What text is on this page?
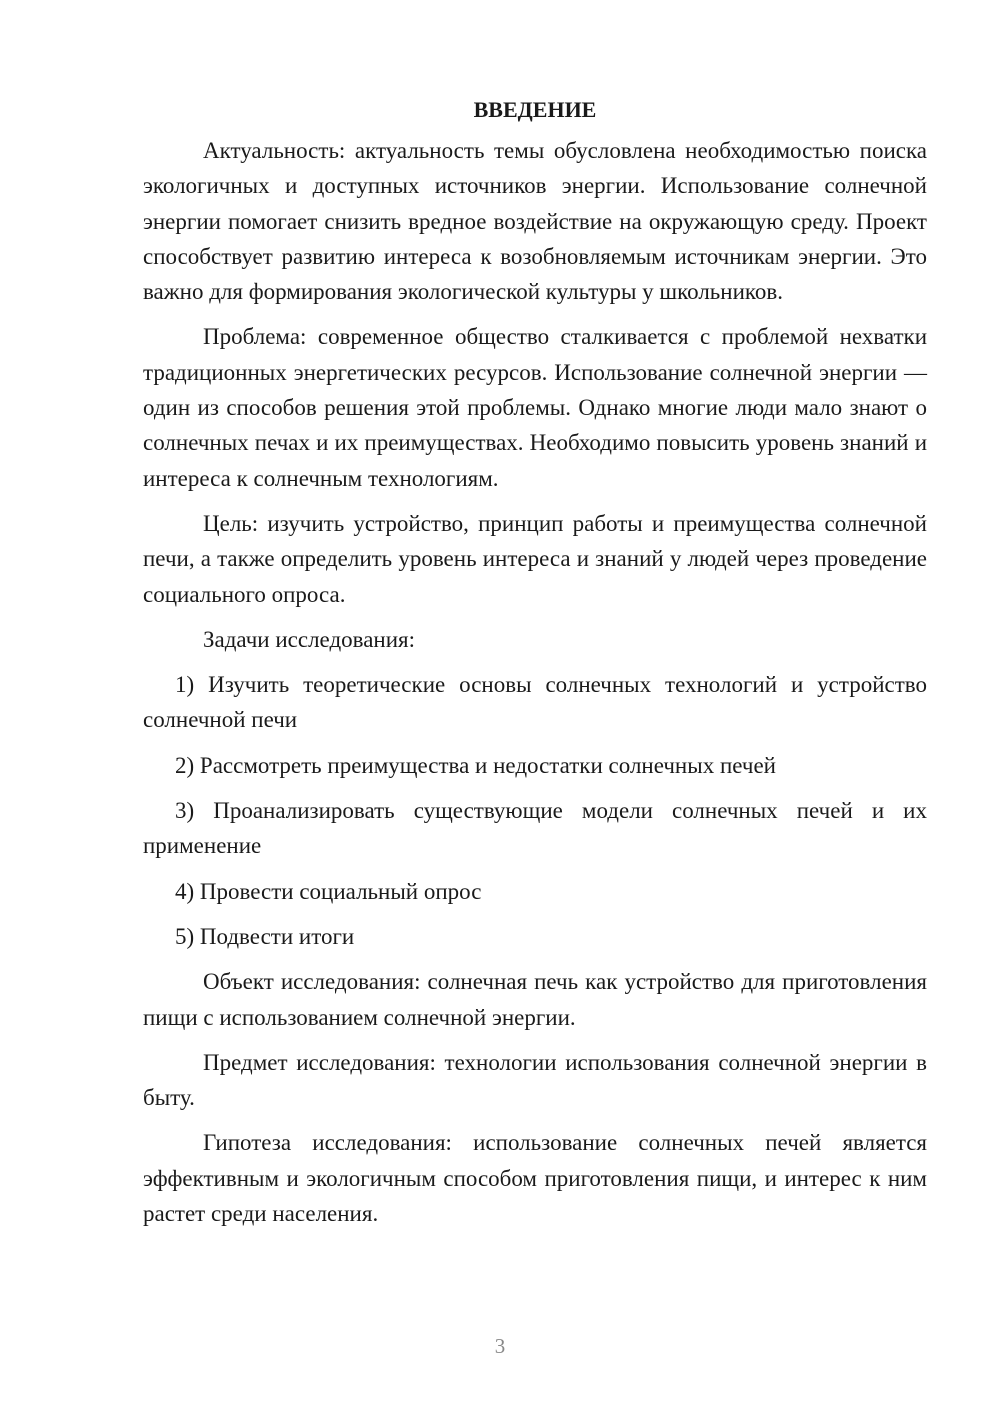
ВВЕДЕНИЕ

Актуальность: актуальность темы обусловлена необходимостью поиска экологичных и доступных источников энергии. Использование солнечной энергии помогает снизить вредное воздействие на окружающую среду. Проект способствует развитию интереса к возобновляемым источникам энергии. Это важно для формирования экологической культуры у школьников.

Проблема: современное общество сталкивается с проблемой нехватки традиционных энергетических ресурсов. Использование солнечной энергии — один из способов решения этой проблемы. Однако многие люди мало знают о солнечных печах и их преимуществах. Необходимо повысить уровень знаний и интереса к солнечным технологиям.

Цель: изучить устройство, принцип работы и преимущества солнечной печи, а также определить уровень интереса и знаний у людей через проведение социального опроса.

Задачи исследования:

1) Изучить теоретические основы солнечных технологий и устройство солнечной печи

2) Рассмотреть преимущества и недостатки солнечных печей

3) Проанализировать существующие модели солнечных печей и их применение

4) Провести социальный опрос

5) Подвести итоги

Объект исследования: солнечная печь как устройство для приготовления пищи с использованием солнечной энергии.

Предмет исследования: технологии использования солнечной энергии в быту.

Гипотеза исследования: использование солнечных печей является эффективным и экологичным способом приготовления пищи, и интерес к ним растет среди населения.

3
